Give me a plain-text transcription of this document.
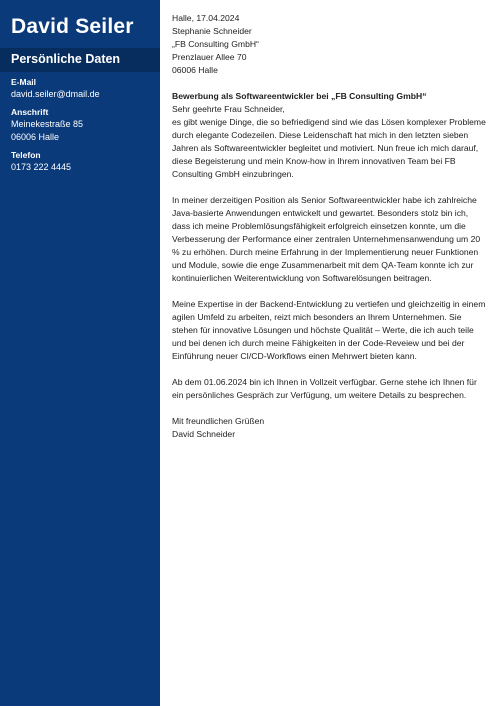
David Seiler
Persönliche Daten
E-Mail
david.seiler@dmail.de
Anschrift
Meinekestraße 85
06006 Halle
Telefon
0173 222 4445

Halle, 17.04.2024

Stephanie Schneider

„FB Consulting GmbH“

Prenzlauer Allee 70

06006 Halle

Bewerbung als Softwareentwickler bei „FB Consulting GmbH“

Sehr geehrte Frau Schneider,

es gibt wenige Dinge, die so befriedigend sind wie das Lösen komplexer Probleme durch elegante Codezeilen. Diese Leidenschaft hat mich in den letzten sieben Jahren als Softwareentwickler begleitet und motiviert. Nun freue ich mich darauf, diese Begeisterung und mein Know-how in Ihrem innovativen Team bei FB Consulting GmbH einzubringen.

In meiner derzeitigen Position als Senior Softwareentwickler habe ich zahlreiche Java-basierte Anwendungen entwickelt und gewartet. Besonders stolz bin ich, dass ich meine Problemlösungsfähigkeit erfolgreich einsetzen konnte, um die Verbesserung der Performance einer zentralen Unternehmensanwendung um 20 % zu erhöhen. Durch meine Erfahrung in der Implementierung neuer Funktionen und Module, sowie die enge Zusammenarbeit mit dem QA-Team konnte ich zur kontinuierlichen Weiterentwicklung von Softwarelösungen beitragen.

Meine Expertise in der Backend-Entwicklung zu vertiefen und gleichzeitig in einem agilen Umfeld zu arbeiten, reizt mich besonders an Ihrem Unternehmen. Sie stehen für innovative Lösungen und höchste Qualität – Werte, die ich auch teile und bei denen ich durch meine Fähigkeiten in der Code-Reveiew und bei der Einführung neuer CI/CD-Workflows einen Mehrwert bieten kann.

Ab dem 01.06.2024 bin ich Ihnen in Vollzeit verfügbar. Gerne stehe ich Ihnen für ein persönliches Gespräch zur Verfügung, um weitere Details zu besprechen.

Mit freundlichen Grüßen

David Schneider
